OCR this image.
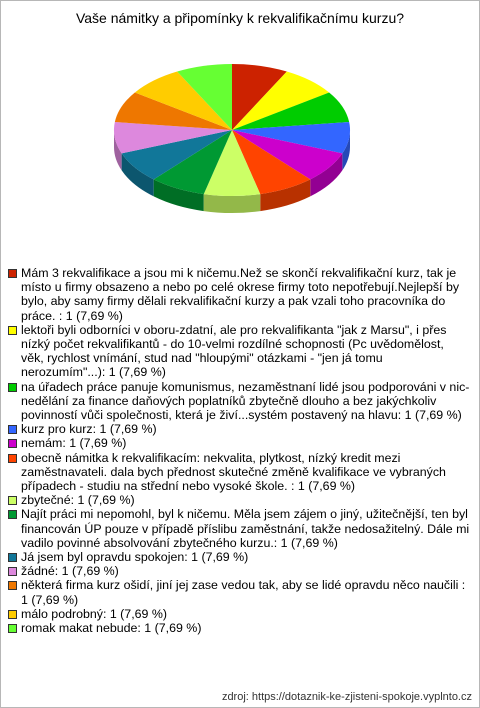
Vaše námitky a připomínky k rekvalifikačnímu kurzu?
Mám 3 rekvalifikace a jsou mi k ničemu.Než se skončí rekvalifikační kurz, tak je místo u firmy obsazeno a nebo po celé okrese firmy toto nepotřebují.Nejlepší by bylo, aby samy firmy dělali rekvalifikační kurzy a pak vzali toho pracovníka do práce. : 1 (7,69 %)
lektoři byli odborníci v oboru-zdatní, ale pro rekvalifikanta "jak z Marsu", i přes nízký počet rekvalifikantů - do 10-velmi rozdílné schopnosti (Pc uvědomělost, věk, rychlost vnímání, stud nad "hloupými" otázkami - "jen já tomu nerozumím"...): 1 (7,69 %)
na úřadech práce panuje komunismus, nezaměstnaní lidé jsou podporováni v nic-nedělání za finance daňových poplatníků zbytečně dlouho a bez jakýchkoliv povinností vůči společnosti, která je živí...systém postavený na hlavu: 1 (7,69 %)
kurz pro kurz: 1 (7,69 %)
nemám: 1 (7,69 %)
obecně námitka k rekvalifikacím: nekvalita, plytkost, nízký kredit mezi zaměstnavateli. dala bych přednost skutečné změně kvalifikace ve vybraných případech - studiu na střední nebo vysoké škole. : 1 (7,69 %)
zbytečné: 1 (7,69 %)
Najít práci mi nepomohl, byl k ničemu. Měla jsem zájem o jiný, užitečnější, ten byl financován ÚP pouze v případě příslibu zaměstnání, takže nedosažitelný. Dále mi vadilo povinné absolvování zbytečného kurzu.: 1 (7,69 %)
Já jsem byl opravdu spokojen: 1 (7,69 %)
žádné: 1 (7,69 %)
některá firma kurz ošidí, jiní jej zase vedou tak, aby se lidé opravdu něco naučili : 1 (7,69 %)
málo podrobný: 1 (7,69 %)
romak makat nebude: 1 (7,69 %)
zdroj: https://dotaznik-ke-zjisteni-spokoje.vyplnto.cz
